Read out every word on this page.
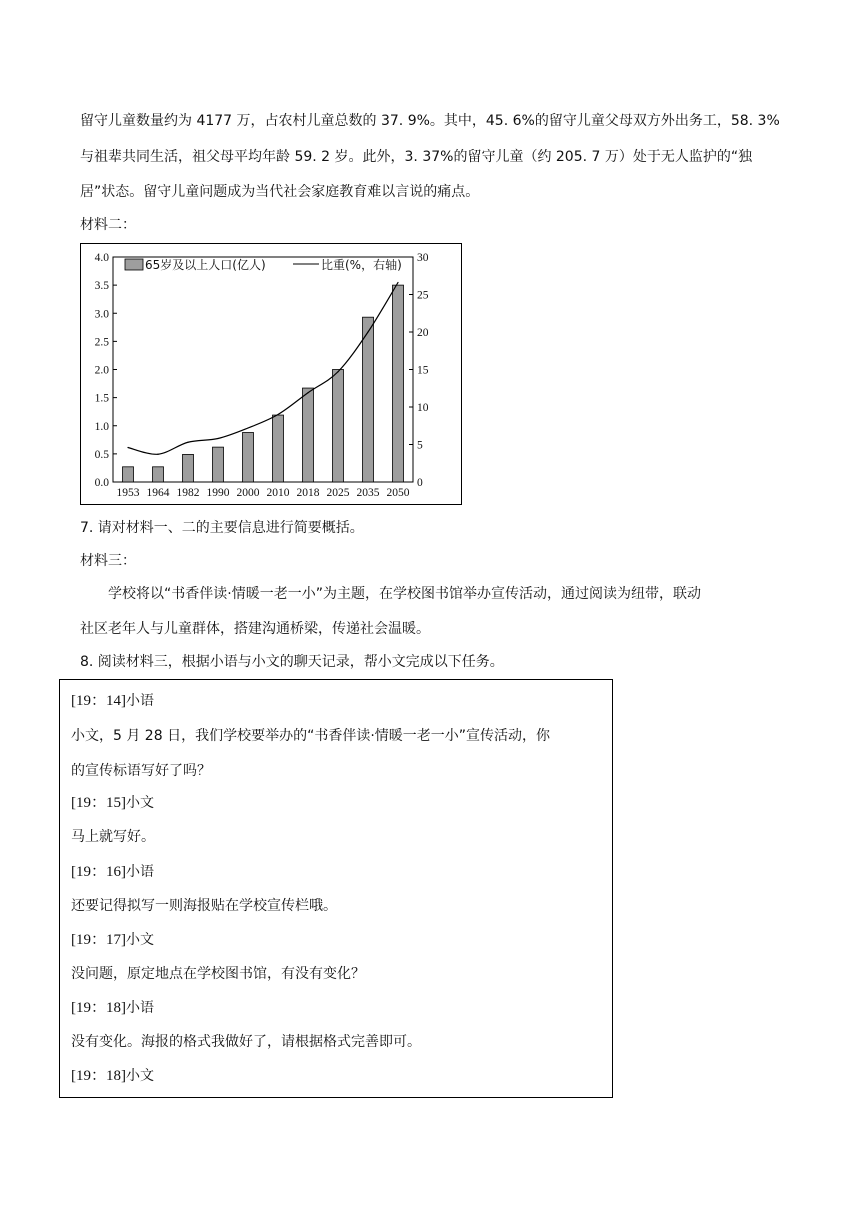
留守儿童数量约为 4177 万，占农村儿童总数的 37. 9%。其中，45. 6%的留守儿童父母双方外出务工，58. 3%
与祖辈共同生活，祖父母平均年龄 59. 2 岁。此外，3. 37%的留守儿童（约 205. 7 万）处于无人监护的“独
居”状态。留守儿童问题成为当代社会家庭教育难以言说的痛点。
材料二：
0.0
0.5
1.0
1.5
2.0
2.5
3.0
3.5
4.0
0
5
10
15
20
25
30
1953 1964 1982 1990 2000 2010 2018 2025 2035 2050
65岁及以上人口(亿人)	比重(%，右轴)
7. 请对材料一、二的主要信息进行简要概括。
材料三：
学校将以“书香伴读·情暖一老一小”为主题，在学校图书馆举办宣传活动，通过阅读为纽带，联动
社区老年人与儿童群体，搭建沟通桥梁，传递社会温暖。
8. 阅读材料三，根据小语与小文的聊天记录，帮小文完成以下任务。
[19：14]小语
小文，5 月 28 日，我们学校要举办的“书香伴读·情暖一老一小”宣传活动，你
的宣传标语写好了吗？
[19：15]小文
马上就写好。
[19：16]小语
还要记得拟写一则海报贴在学校宣传栏哦。
[19：17]小文
没问题，原定地点在学校图书馆，有没有变化？
[19：18]小语
没有变化。海报的格式我做好了，请根据格式完善即可。
[19：18]小文
